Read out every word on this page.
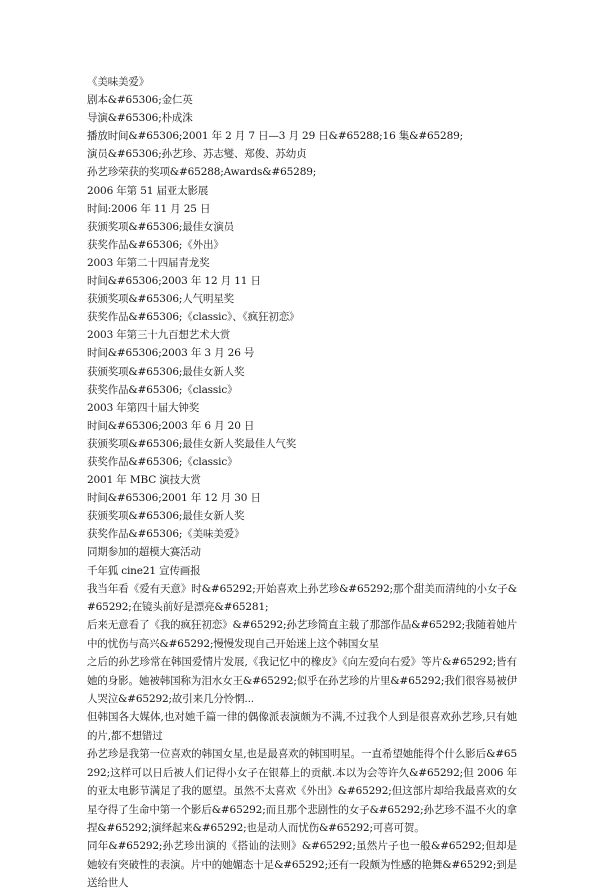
《美味美爱》
剧本&#65306;金仁英
导演&#65306;朴成洙
播放时间&#65306;2001 年 2 月 7 日—3 月 29 日&#65288;16 集&#65289;
演员&#65306;孙艺珍、苏志燮、郑俊、苏幼贞
孙艺珍荣获的奖项&#65288;Awards&#65289;
2006 年第 51 届亚太影展
时间:2006 年 11 月 25 日
获颁奖项&#65306;最佳女演员
获奖作品&#65306;《外出》
2003 年第二十四届青龙奖
时间&#65306;2003 年 12 月 11 日
获颁奖项&#65306;人气明星奖
获奖作品&#65306;《classic》、《疯狂初恋》
2003 年第三十九百想艺术大赏
时间&#65306;2003 年 3 月 26 号
获颁奖项&#65306;最佳女新人奖
获奖作品&#65306;《classic》
2003 年第四十届大钟奖
时间&#65306;2003 年 6 月 20 日
获颁奖项&#65306;最佳女新人奖最佳人气奖
获奖作品&#65306;《classic》
2001 年 MBC 演技大赏
时间&#65306;2001 年 12 月 30 日
获颁奖项&#65306;最佳女新人奖
获奖作品&#65306;《美味美爱》
同期参加的超模大赛活动
千年狐 cine21 宣传画报
我当年看《爱有天意》时&#65292;开始喜欢上孙艺珍&#65292;那个甜美而清纯的小女子&#65292;在镜头前好是漂亮&#65281;
后来无意看了《我的疯狂初恋》&#65292;孙艺珍简直主载了那部作品&#65292;我随着她片中的忧伤与高兴&#65292;慢慢发现自己开始迷上这个韩国女星
之后的孙艺珍常在韩国爱情片发展,《我记忆中的橡皮》《向左爱向右爱》等片&#65292;皆有她的身影。她被韩国称为泪水女王&#65292;似乎在孙艺珍的片里&#65292;我们很容易被伊人哭泣&#65292;故引来几分怜惘...
但韩国各大媒体,也对她千篇一律的偶像派表演颇为不满,不过我个人到是很喜欢孙艺珍,只有她的片,都不想错过
孙艺珍是我第一位喜欢的韩国女星,也是最喜欢的韩国明星。一直希望她能得个什么影后&#65292;这样可以日后被人们记得小女子在银幕上的贡献.本以为会等许久&#65292;但 2006 年的亚太电影节满足了我的愿望。虽然不太喜欢《外出》&#65292;但这部片却给我最喜欢的女星夺得了生命中第一个影后&#65292;而且那个悲剧性的女子&#65292;孙艺珍不温不火的拿捏&#65292;演绎起来&#65292;也是动人而忧伤&#65292;可喜可贺。
同年&#65292;孙艺珍出演的《搭讪的法则》&#65292;虽然片子也一般&#65292;但却是她较有突破性的表演。片中的她媚态十足&#65292;还有一段颇为性感的艳舞&#65292;到是送给世人
